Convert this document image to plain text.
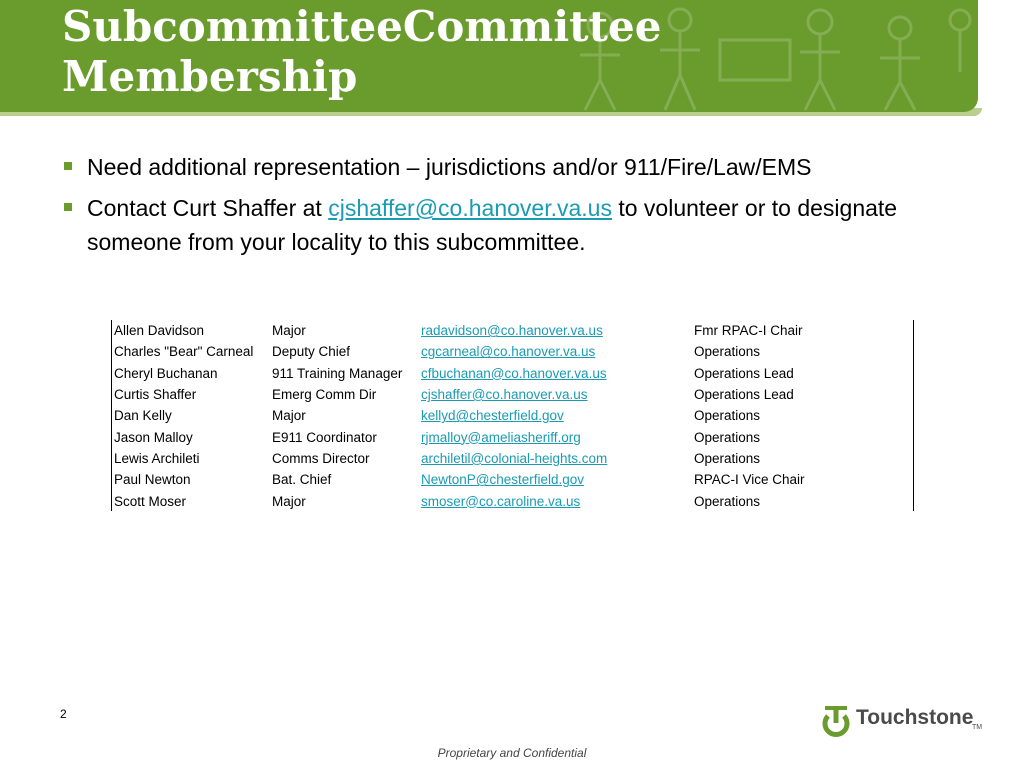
SubcommitteeCommittee
Membership
Need additional representation – jurisdictions and/or 911/Fire/Law/EMS
Contact Curt Shaffer at cjshaffer@co.hanover.va.us to volunteer or to designate someone from your locality to this subcommittee.
Allen Davidson	Major	radavidson@co.hanover.va.us	Fmr RPAC-I Chair
Charles "Bear" Carneal	Deputy Chief	cgcarneal@co.hanover.va.us	Operations
Cheryl Buchanan	911 Training Manager	cfbuchanan@co.hanover.va.us	Operations Lead
Curtis Shaffer	Emerg Comm Dir	cjshaffer@co.hanover.va.us	Operations Lead
Dan Kelly	Major	kellyd@chesterfield.gov	Operations
Jason Malloy	E911 Coordinator	rjmalloy@ameliasheriff.org	Operations
Lewis Archileti	Comms Director	archiletil@colonial-heights.com	Operations
Paul Newton	Bat. Chief	NewtonP@chesterfield.gov	RPAC-I Vice Chair
Scott Moser	Major	smoser@co.caroline.va.us	Operations
2	Touchstone
TM
Proprietary and Confidential
